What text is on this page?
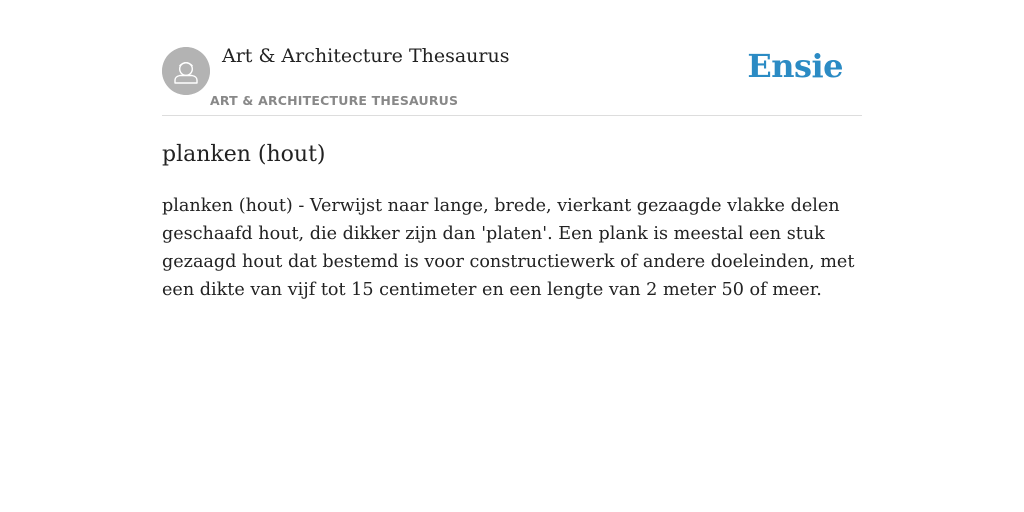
Art & Architecture Thesaurus
ART & ARCHITECTURE THESAURUS
Ensie
planken (hout)

planken (hout) - Verwijst naar lange, brede, vierkant gezaagde vlakke delen geschaafd hout, die dikker zijn dan 'platen'. Een plank is meestal een stuk gezaagd hout dat bestemd is voor constructiewerk of andere doeleinden, met een dikte van vijf tot 15 centimeter en een lengte van 2 meter 50 of meer.
